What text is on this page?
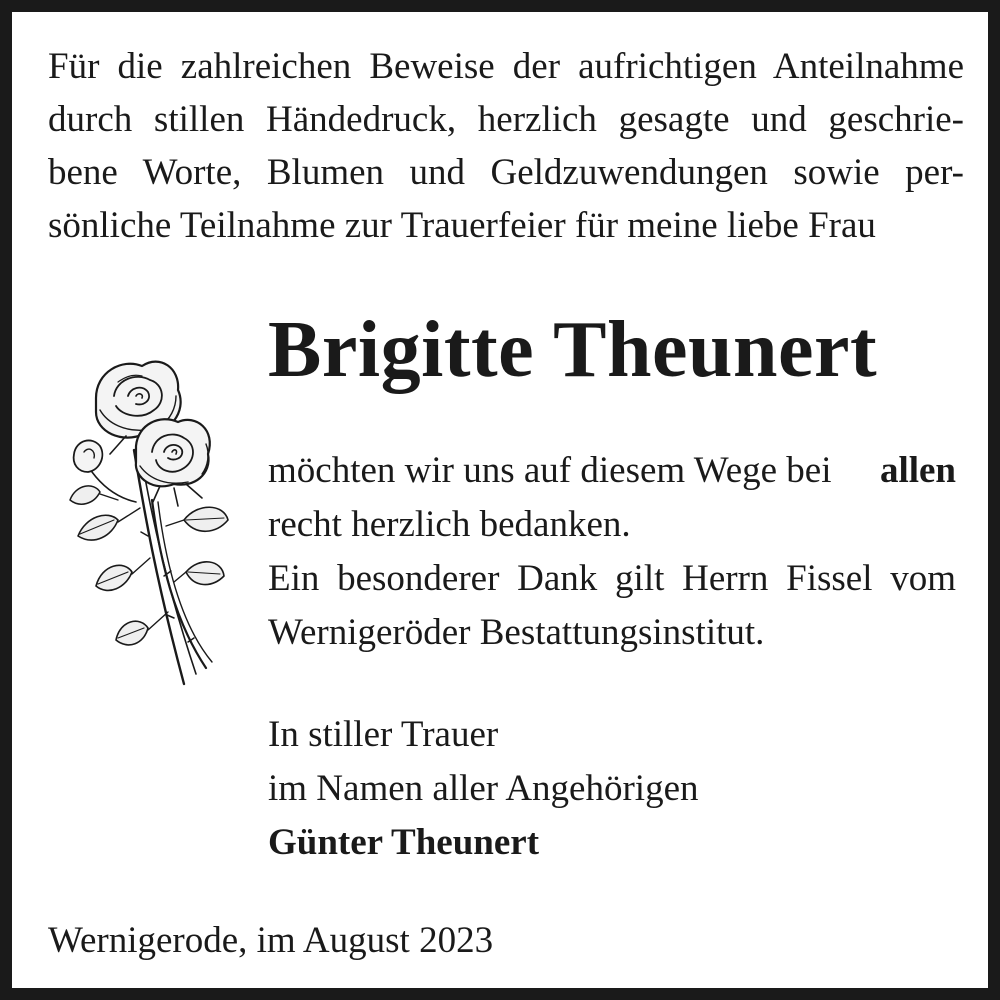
Für die zahlreichen Beweise der aufrichtigen Anteilnahme
durch stillen Händedruck, herzlich gesagte und geschrie-
bene Worte, Blumen und Geldzuwendungen sowie per-
sönliche Teilnahme zur Trauerfeier für meine liebe Frau
Brigitte Theunert
möchten wir uns auf diesem Wege bei allen
recht herzlich bedanken.
Ein besonderer Dank gilt Herrn Fissel vom
Wernigeröder Bestattungsinstitut.
In stiller Trauer
im Namen aller Angehörigen
Günter Theunert
Wernigerode, im August 2023
